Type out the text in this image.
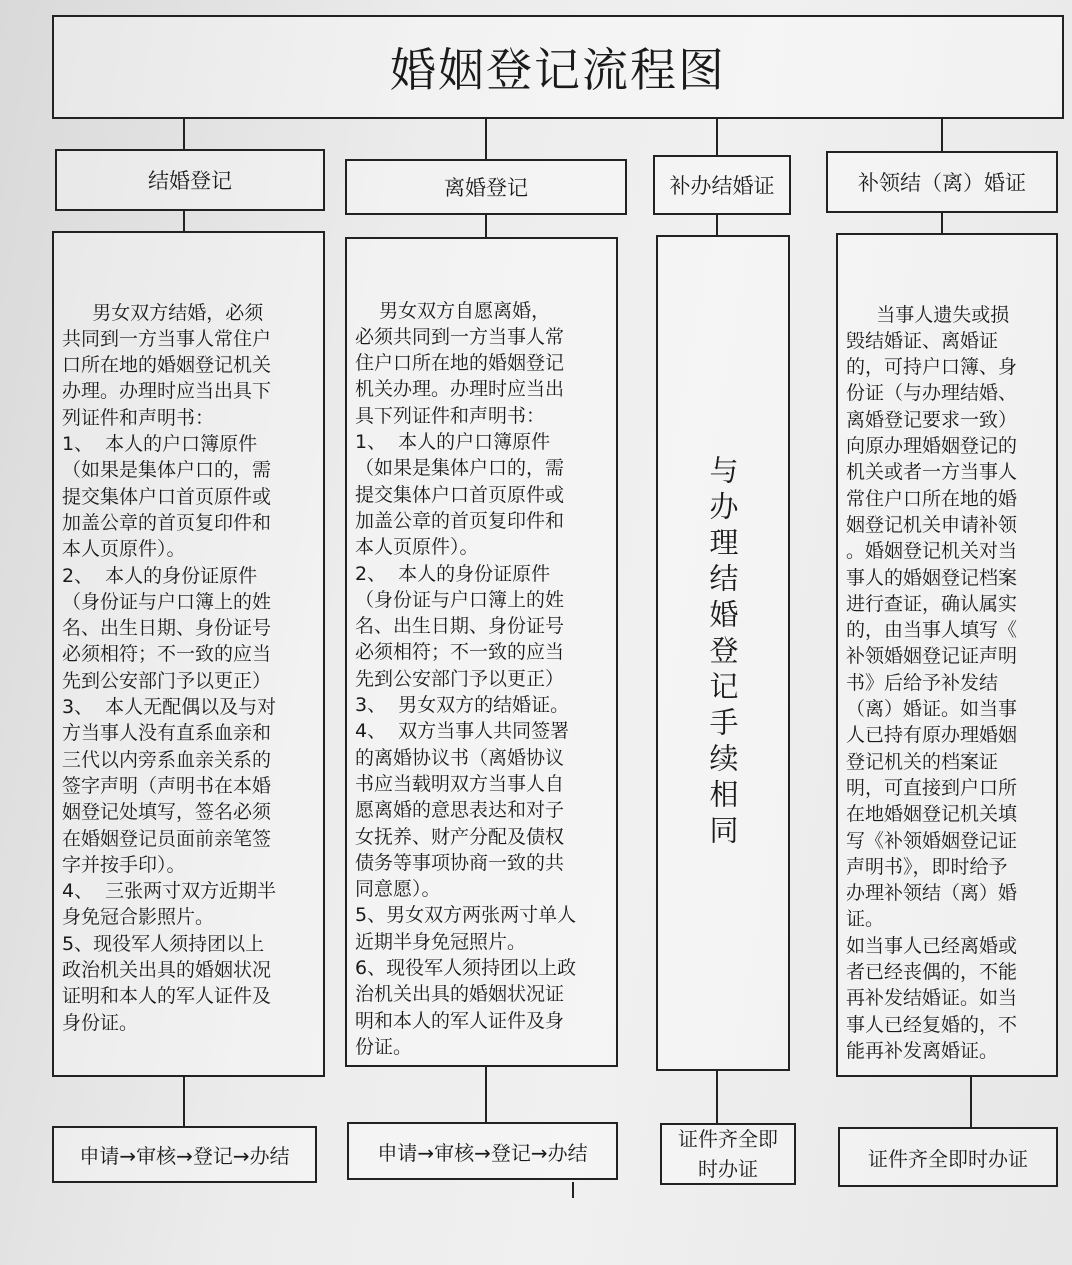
婚姻登记流程图
结婚登记

男女双方结婚，必须
共同到一方当事人常住户
口所在地的婚姻登记机关
办理。办理时应当出具下
列证件和声明书：
1、  本人的户口簿原件
（如果是集体户口的，需
提交集体户口首页原件或
加盖公章的首页复印件和
本人页原件）。
2、  本人的身份证原件
（身份证与户口簿上的姓
名、出生日期、身份证号
必须相符；不一致的应当
先到公安部门予以更正）
3、  本人无配偶以及与对
方当事人没有直系血亲和
三代以内旁系血亲关系的
签字声明（声明书在本婚
姻登记处填写，签名必须
在婚姻登记员面前亲笔签
字并按手印）。
4、  三张两寸双方近期半
身免冠合影照片。
5、现役军人须持团以上
政治机关出具的婚姻状况
证明和本人的军人证件及
身份证。

申请→审核→登记→办结
离婚登记

男女双方自愿离婚，
必须共同到一方当事人常
住户口所在地的婚姻登记
机关办理。办理时应当出
具下列证件和声明书：
1、  本人的户口簿原件
（如果是集体户口的，需
提交集体户口首页原件或
加盖公章的首页复印件和
本人页原件）。
2、  本人的身份证原件
（身份证与户口簿上的姓
名、出生日期、身份证号
必须相符；不一致的应当
先到公安部门予以更正）
3、  男女双方的结婚证。
4、  双方当事人共同签署
的离婚协议书（离婚协议
书应当载明双方当事人自
愿离婚的意思表达和对子
女抚养、财产分配及债权
债务等事项协商一致的共
同意愿）。
5、男女双方两张两寸单人
近期半身免冠照片。
6、现役军人须持团以上政
治机关出具的婚姻状况证
明和本人的军人证件及身
份证。

申请→审核→登记→办结
补办结婚证
与办理结婚登记手续相同
证件齐全即
时办证
补领结（离）婚证

当事人遗失或损
毁结婚证、离婚证
的，可持户口簿、身
份证（与办理结婚、
离婚登记要求一致）
向原办理婚姻登记的
机关或者一方当事人
常住户口所在地的婚
姻登记机关申请补领
。婚姻登记机关对当
事人的婚姻登记档案
进行查证，确认属实
的，由当事人填写《
补领婚姻登记证声明
书》后给予补发结
（离）婚证。如当事
人已持有原办理婚姻
登记机关的档案证
明，可直接到户口所
在地婚姻登记机关填
写《补领婚姻登记证
声明书》，即时给予
办理补领结（离）婚
证。
如当事人已经离婚或
者已经丧偶的，不能
再补发结婚证。如当
事人已经复婚的，不
能再补发离婚证。

证件齐全即时办证
